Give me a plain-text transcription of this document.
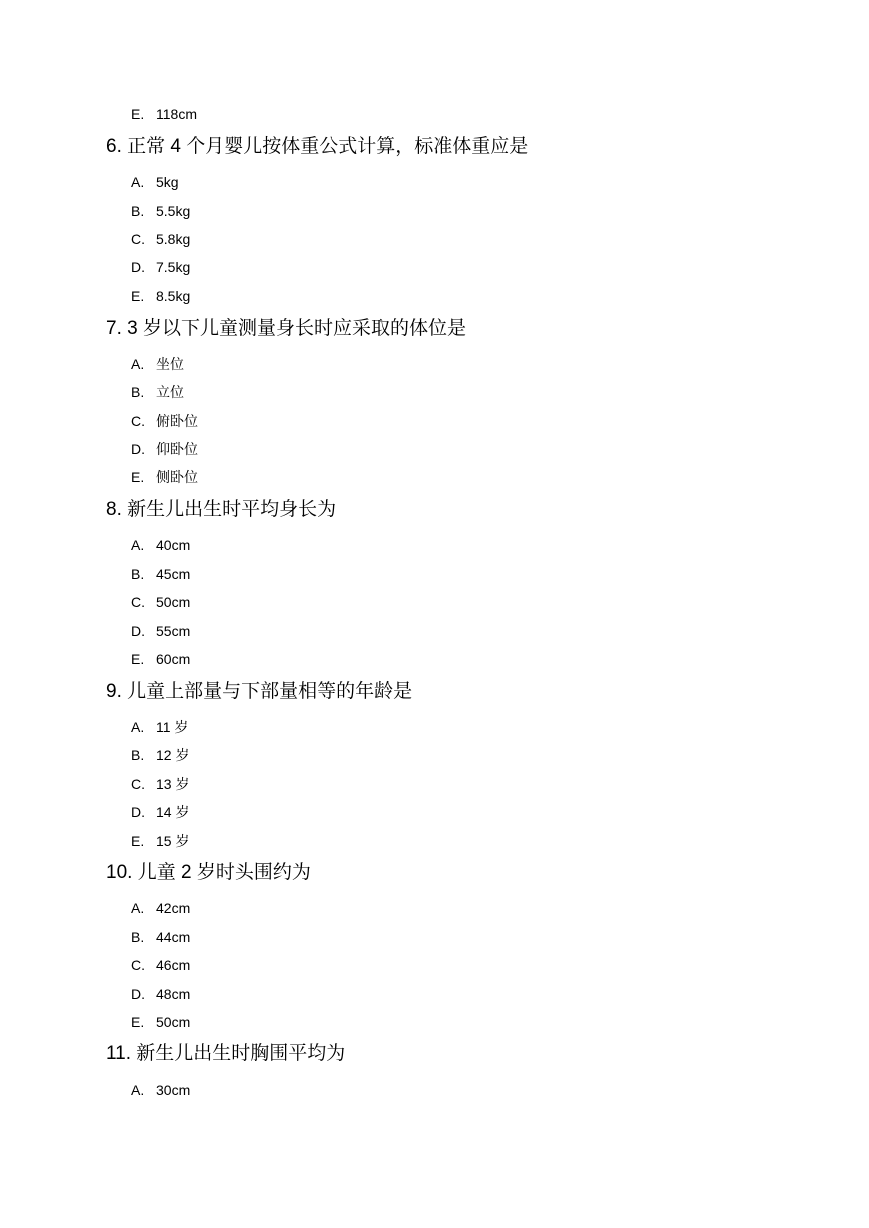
E. 118cm
6. 正常 4 个月婴儿按体重公式计算，标准体重应是
A. 5kg
B. 5.5kg
C. 5.8kg
D. 7.5kg
E. 8.5kg
7. 3 岁以下儿童测量身长时应采取的体位是
A. 坐位
B. 立位
C. 俯卧位
D. 仰卧位
E. 侧卧位
8. 新生儿出生时平均身长为
A. 40cm
B. 45cm
C. 50cm
D. 55cm
E. 60cm
9. 儿童上部量与下部量相等的年龄是
A. 11 岁
B. 12 岁
C. 13 岁
D. 14 岁
E. 15 岁
10. 儿童 2 岁时头围约为
A. 42cm
B. 44cm
C. 46cm
D. 48cm
E. 50cm
11. 新生儿出生时胸围平均为
A. 30cm
